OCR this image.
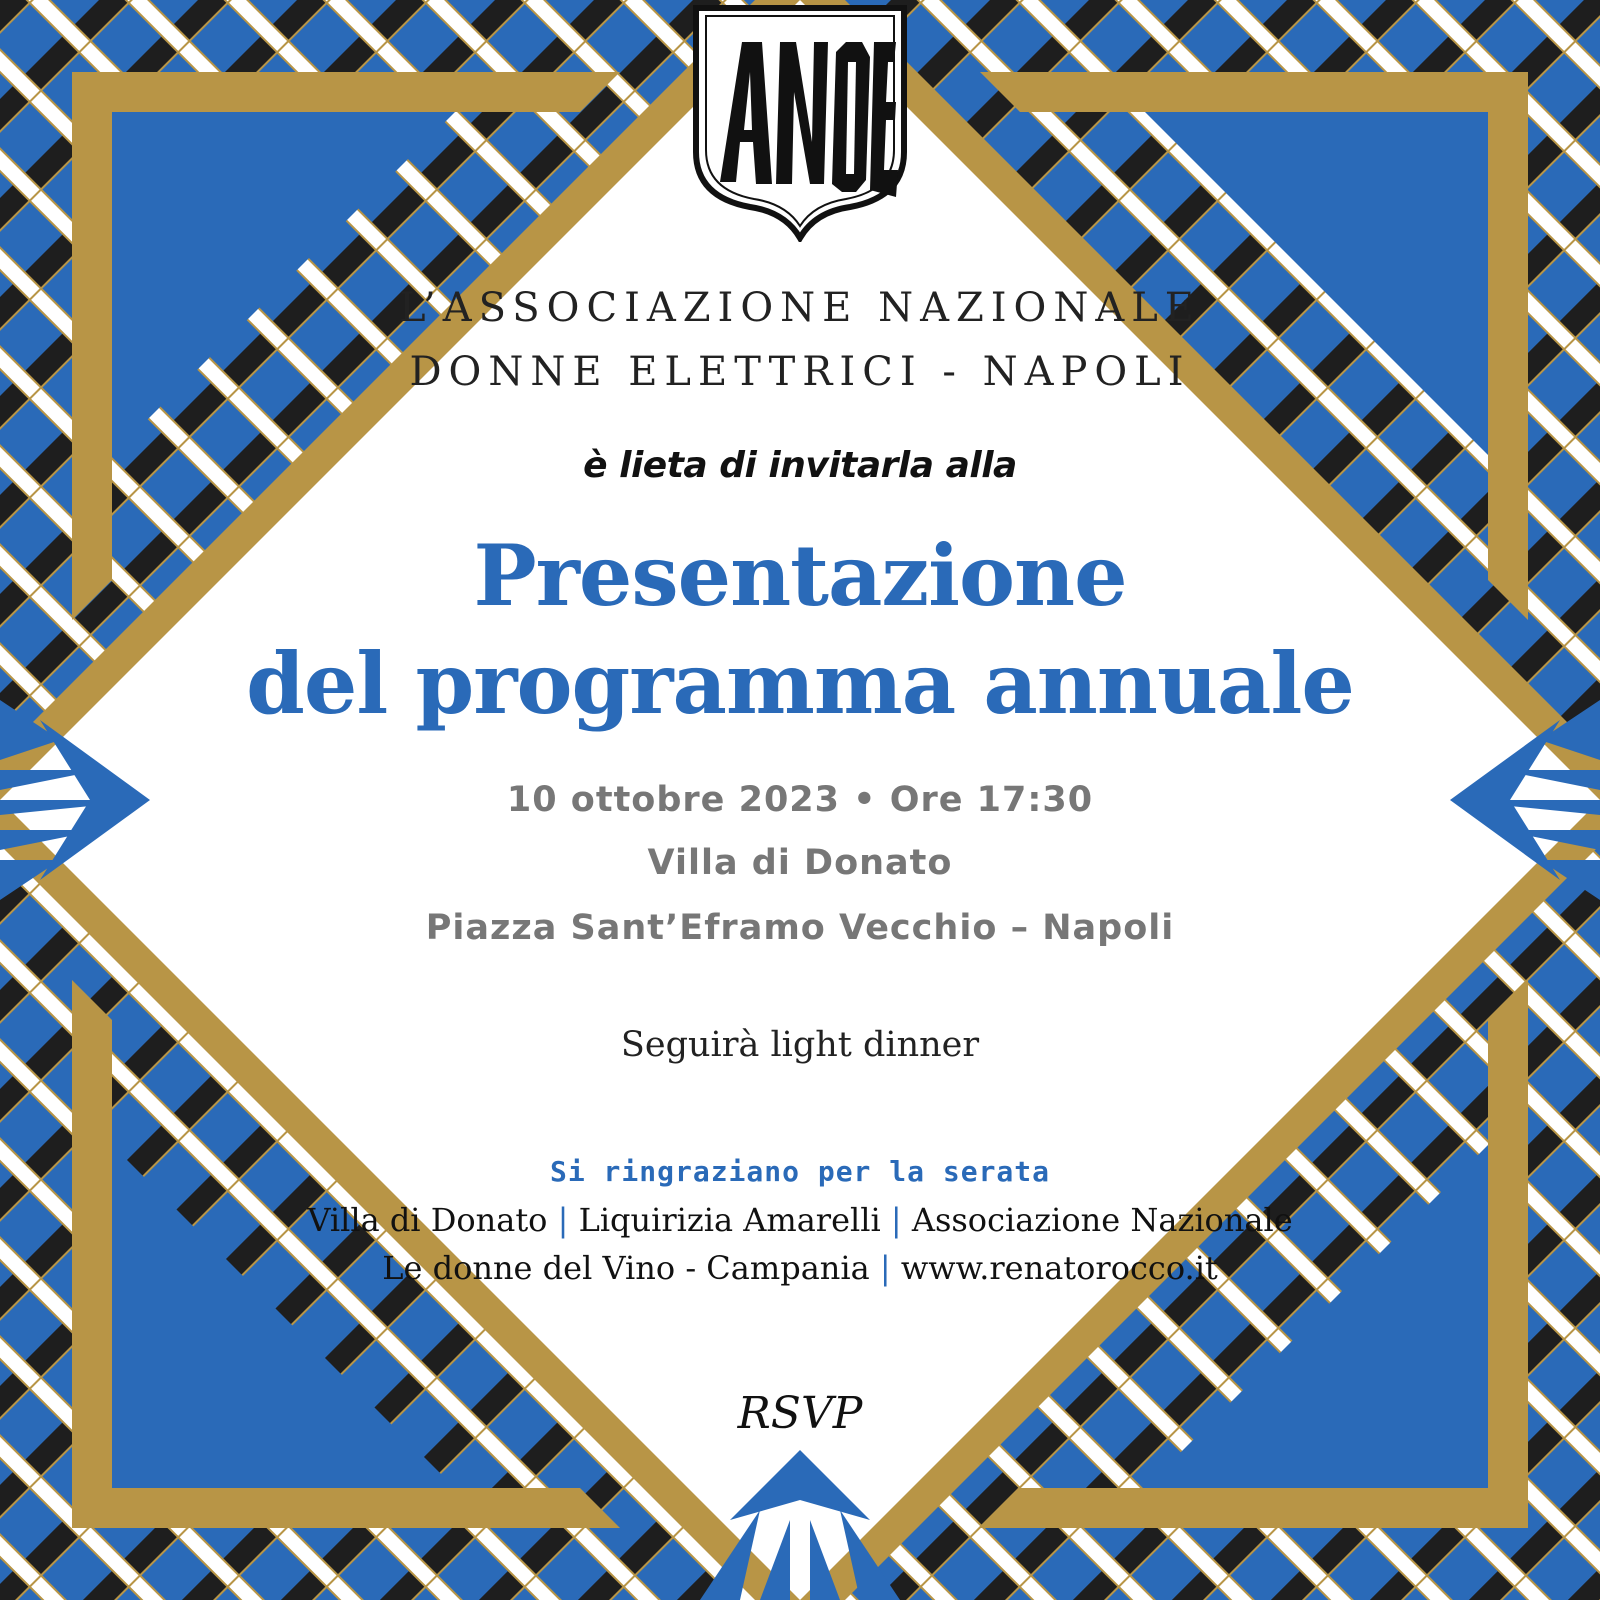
L’ASSOCIAZIONE NAZIONALE
DONNE ELETTRICI - NAPOLI

è lieta di invitarla alla

Presentazione
del programma annuale

10 ottobre 2023 • Ore 17:30

Villa di Donato

Piazza Sant’Eframo Vecchio – Napoli

Seguirà light dinner

Si ringraziano per la serata

Villa di Donato | Liquirizia Amarelli | Associazione Nazionale
Le donne del Vino - Campania | www.renatorocco.it

RSVP
